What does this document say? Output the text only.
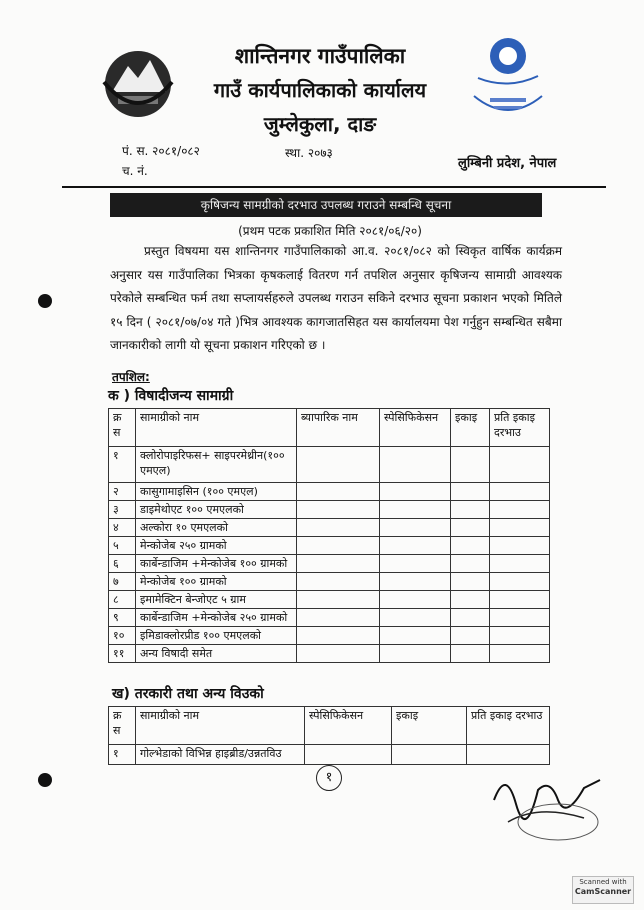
शान्तिनगर गाउँपालिका
गाउँ कार्यपालिकाको कार्यालय
जुम्लेकुला, दाङ
पं. स. २०८१/०८२
च. नं.
स्था. २०७३
लुम्बिनी प्रदेश, नेपाल
कृषिजन्य सामग्रीको दरभाउ उपलब्ध गराउने सम्बन्धि सूचना
(प्रथम पटक प्रकाशित मिति २०८१/०६/२०)
प्रस्तुत विषयमा यस शान्तिनगर गाउँपालिकाको आ.व. २०८१/०८२ को स्विकृत वार्षिक कार्यक्रम अनुसार यस गाउँपालिका भित्रका कृषकलाई वितरण गर्न तपशिल अनुसार कृषिजन्य सामाग्री आवश्यक परेकोले सम्बन्धित फर्म तथा सप्लायर्सहरुले उपलब्ध गराउन सकिने दरभाउ सूचना प्रकाशन भएको मितिले १५ दिन ( २०८१/०७/०४ गते )भित्र आवश्यक कागजातसिहत यस कार्यालयमा पेश गर्नुहुन सम्बन्धित सबैमा जानकारीको लागी यो सूचना प्रकाशन गरिएको छ ।
तपशिल:
क ) विषादीजन्य सामाग्री
क्र स	सामाग्रीको नाम	ब्यापारिक नाम	स्पेसिफिकेसन	इकाइ	प्रति इकाइ दरभाउ
१	क्लोरोपाइरिफस+ साइपरमेथ्रीन(१०० एमएल)				
२	कासुगामाइसिन (१०० एमएल)				
३	डाइमेथोएट १०० एमएलको				
४	अल्कोरा १० एमएलको				
५	मेन्कोजेब २५० ग्रामको				
६	कार्बेन्डाजिम +मेन्कोजेब १०० ग्रामको				
७	मेन्कोजेब १०० ग्रामको				
८	इमामेक्टिन बेन्जोएट ५ ग्राम				
९	कार्बेन्डाजिम +मेन्कोजेब २५० ग्रामको				
१०	इमिडाक्लोरप्रीड १०० एमएलको				
११	अन्य विषादी समेत				
ख) तरकारी तथा अन्य विउको
क्र स	सामाग्रीको नाम	स्पेसिफिकेसन	इकाइ	प्रति इकाइ दरभाउ
१	गोल्भेडाको विभिन्न हाइब्रीड/उन्नतविउ			
१
Scanned with
CamScanner
